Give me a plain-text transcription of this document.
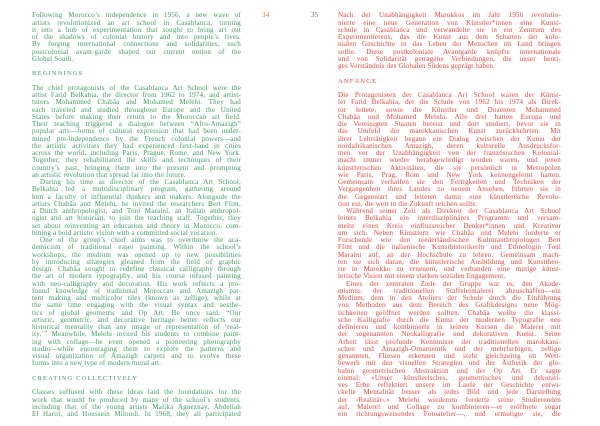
34
Following Morocco’s independence in 1956, a new wave of
artists revolutionized an art school in Casablanca, turning
it into a hub of experimentation that sought to bring art out
of the shadows of colonial history and into people’s lives.
By forging international connections and solidarities, such
postcolonial avant-garde shaped our current notion of the
Global South.
BEGINNINGS
The chief protagonists of the Casablanca Art School were the
artist Farid Belkahia, the director from 1962 to 1974, and artist-
tutors Mohammed Chabâa and Mohamed Melehi. They had
each traveled and studied throughout Europe and the United
States before making their return to the Moroccan art field.
Their teaching triggered a dialogue between “Afro-Amazigh”
popular arts—forms of cultural expression that had been under-
mined pre-independence by the French colonial powers—and
the artistic activities they had experienced first-hand in cities
across the world, including Paris, Prague, Rome, and New York.
Together, they rehabilitated the skills and techniques of their
country’s past, bringing them into the present and prompting
an artistic revolution that spread far into the future.
During his time as director of the Casablanca Art School,
Belkahia led a multidisciplinary program, gathering around
him a faculty of influential thinkers and makers. Alongside the
artists Chabâa and Melehi, he invited the researchers Bert Flint,
a Dutch anthropologist, and Toni Maraini, an Italian anthropol-
ogist and art historian, to join the teaching staff. Together, they
set about reinventing art education and theory in Morocco, com-
bining a bold artistic vision with a committed social vocation.
One of the group’s chief aims was to overthrow the aca-
demicism of traditional easel painting. Within the school’s
workshops, the medium was opened up to new possibilities
by introducing strategies gleaned from the field of graphic
design. Chabâa sought to redefine classical calligraphy through
the art of modern typography, and his course infused painting
with neo-calligraphy and decoration. His work reflects a pro-
found knowledge of traditional Moroccan and Amazigh pat-
tern making and multicolor tiles (known as zellige), while at
the same time engaging with the visual syntax and aesthe-
tics of global geometric and Op Art. He once said, “Our
artistic, geometric, and decorative heritage better reflects our
historical mentality than any image or representation of ‘real-
ity.’” Meanwhile, Melehi invited his students to combine paint-
ing with collage—he even opened a pioneering photography
studio—while encouraging them to explore the patterns and
visual organization of Amazigh carpets and to evolve these
forms into a new type of modern mural art.
CREATING COLLECTIVELY
Classes suffused with these ideas laid the foundations for the
work that would be produced by many of the school’s students,
including that of the young artists Malika Agueznay, Abdellah
El Hariri, and Houssein Miloudi. In 1968, they all participated
35	Nach der Unabhängigkeit Marokkos im Jahr 1956 revolutio-
nierte eine neue Generation von Künstler*innen eine Kunst-
schule in Casablanca und verwandelte sie in ein Zentrum des
Experimentierens, das die Kunst aus dem Schatten der kolo-
nialen Geschichte in das Leben der Menschen im Land bringen
sollte. Diese postkoloniale Avantgarde knüpfte internationale
und von Solidarität getragene Verbindungen, die unser heuti-
ges Verständnis des Globalen Südens geprägt haben.
ANFÄNGE
Die Protagonisten der Casablanca Art School waren der Künst-
ler Farid Belkahia, der die Schule von 1962 bis 1974 als Direk-
tor leitete, sowie die Künstler und Dozenten Mohammed
Chabâa und Mohamed Melehi. Alle drei hatten Europa und
die Vereinigten Staaten bereist und dort studiert, bevor sie in
das Umfeld der marokkanischen Kunst zurückkehrten. Mit
ihrer Lehrtätigkeit begann ein Dialog zwischen der Kunst der
nordafrikanischen Amazigh, deren kulturelle Ausdrucksfor-
men vor der Unabhängigkeit von der französischen Kolonial-
macht immer wieder herabgewürdigt worden waren, und jenen
künstlerischen Aktivitäten, die sie persönlich in Metropolen
wie Paris, Prag, Rom und New York kennengelernt hatten.
Gemeinsam verhalfen sie den Fertigkeiten und Techniken der
Vergangenheit ihres Landes zu neuem Ansehen, führten sie in
die Gegenwart und leiteten damit eine künstlerische Revolu-
tion ein, die weit in die Zukunft reichen sollte.
Während seiner Zeit als Direktor der Casablanca Art School
leitete Belkahia ein interdisziplinäres Programm und versam-
melte einen Kreis einflussreicher Denker*innen und Kreativer
um sich. Neben Künstlern wie Chabâa und Melehi forderte er
Forschende wie den niederländischen Kulturanthropologen Bert
Flint und die italienische Kunsthistorikerin und Ethnologin Toni
Maraini auf, an der Hochschule zu lehren. Gemeinsam mach-
ten sie sich daran, die künstlerische Ausbildung und Kunsttheo-
rie in Marokko zu erneuern, und verbanden eine mutige künst-
lerische Vision mit einem starken sozialen Engagement.
Eines der zentralen Ziele der Gruppe war es, den Akade-
mismus der traditionellen Staffeleimalerei abzuschaffen—ein
Medium, dem in den Ateliers der Schule durch die Einführung
von Methoden aus dem Bereich des Grafikdesigns neue Mög-
lichkeiten geöffnet werden sollten. Chabâa wollte die klassi-
sche Kalligrafie durch die Kunst der modernen Typografie neu
definieren und kombinierte in seinen Kursen die Malerei mit
der sogenannten Neokalligrafie und dekorativen Kunst. Seine
Arbeit lässt profunde Kenntnisse der traditionellen marokkani-
schen und Amazigh-Ornamentik und der mehrfarbigen, zellige
genannten, Fliesen erkennen und steht gleichzeitig im Wett-
bewerb mit den visuellen Strategien und der Ästhetik der glo-
balen geometrischen Abstraktion und der Op Art. Er sagte
einmal: «Unser künstlerisches, geometrisches und dekorati-
ves Erbe reflektiert unsere im Laufe der Geschichte entwi-
ckelte Mentalität besser als jedes Bild und jede Darstellung
der ‹Realität›.» Melehi wiederum forderte seine Studierenden
auf, Malerei und Collage zu kombinieren—er eröffnete sogar
ein richtungsweisendes Fotoatelier—, und ermutigte sie, die
